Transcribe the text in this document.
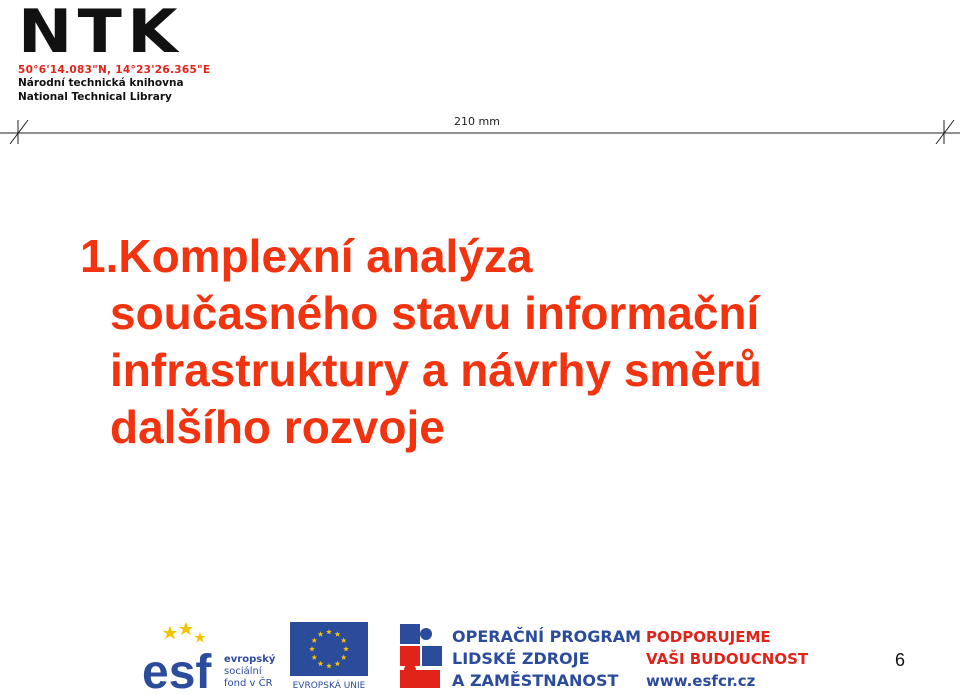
NTK
50°6'14.083"N, 14°23'26.365"E
Národní technická knihovna
National Technical Library
210 mm
1.Komplexní analýza
současného stavu informační
infrastruktury a návrhy směrů
dalšího rozvoje
esf evropský
sociální
fond v ČR EVROPSKÁ UNIE
OPERAČNÍ PROGRAM
LIDSKÉ ZDROJE
A ZAMĚSTNANOST
PODPORUJEME
VAŠI BUDOUCNOST
www.esfcr.cz
6
